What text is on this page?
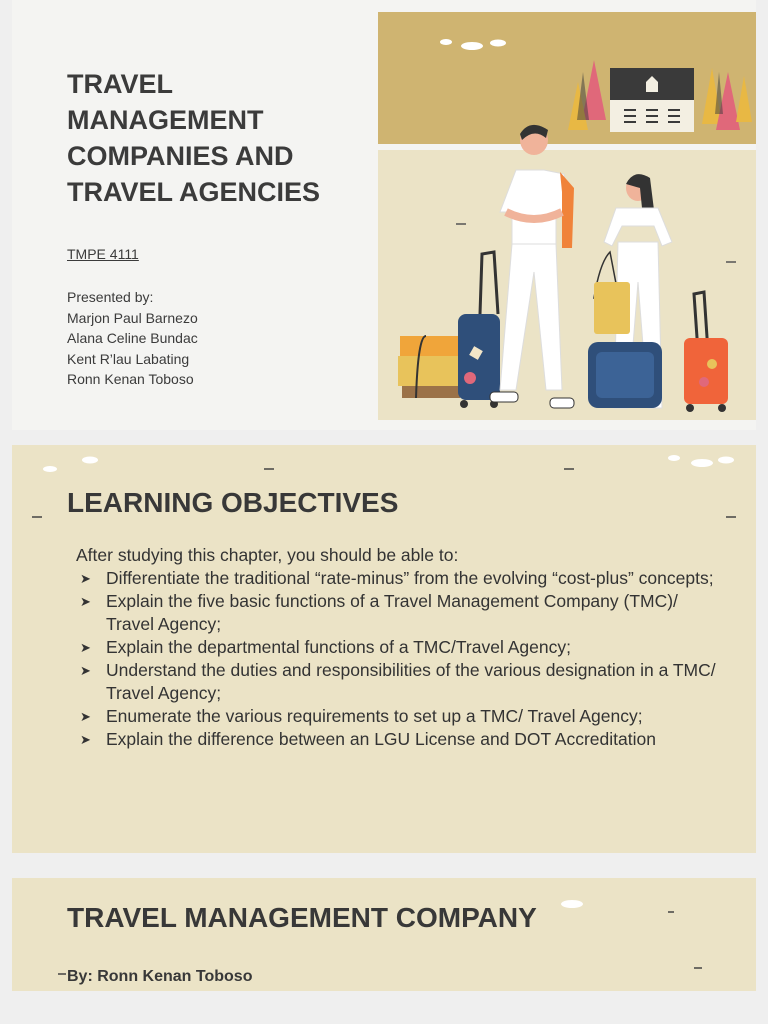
TRAVEL MANAGEMENT COMPANIES AND TRAVEL AGENCIES
TMPE 4111
Presented by:
Marjon Paul Barnezo
Alana Celine Bundac
Kent R’lau Labating
Ronn Kenan Toboso
LEARNING OBJECTIVES
After studying this chapter, you should be able to:
➤ Differentiate the traditional “rate-minus” from the evolving “cost-plus” concepts;
➤ Explain the five basic functions of a Travel Management Company (TMC)/ Travel Agency;
➤ Explain the departmental functions of a TMC/Travel Agency;
➤ Understand the duties and responsibilities of the various designation in a TMC/ Travel Agency;
➤ Enumerate the various requirements to set up a TMC/ Travel Agency;
➤ Explain the difference between an LGU License and DOT Accreditation
TRAVEL MANAGEMENT COMPANY
By: Ronn Kenan Toboso
